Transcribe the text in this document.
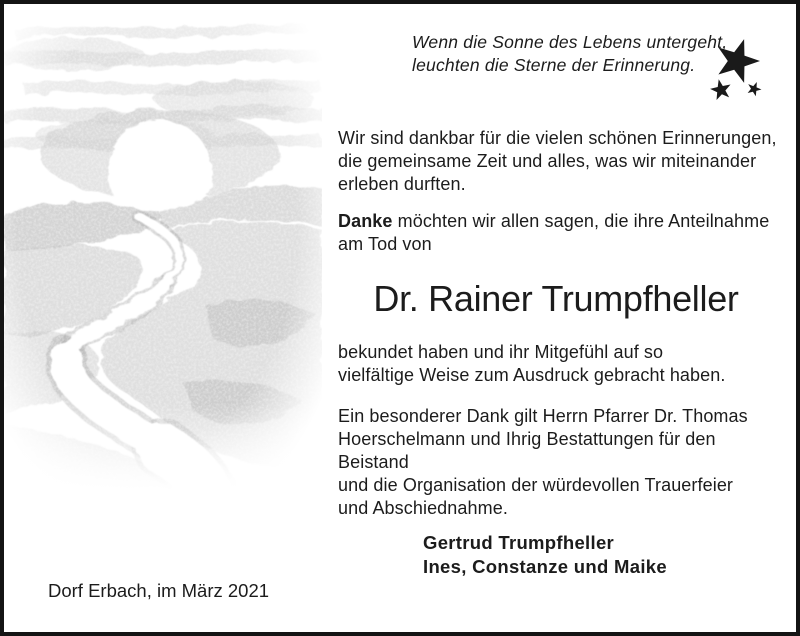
Wenn die Sonne des Lebens untergeht,
leuchten die Sterne der Erinnerung.
Wir sind dankbar für die vielen schönen Erinnerungen,
die gemeinsame Zeit und alles, was wir miteinander
erleben durften.
Danke möchten wir allen sagen, die ihre Anteilnahme
am Tod von
Dr. Rainer Trumpfheller
bekundet haben und ihr Mitgefühl auf so
vielfältige Weise zum Ausdruck gebracht haben.
Ein besonderer Dank gilt Herrn Pfarrer Dr. Thomas
Hoerschelmann und Ihrig Bestattungen für den Beistand
und die Organisation der würdevollen Trauerfeier
und Abschiednahme.
Gertrud Trumpfheller
Ines, Constanze und Maike
Dorf Erbach, im März 2021
